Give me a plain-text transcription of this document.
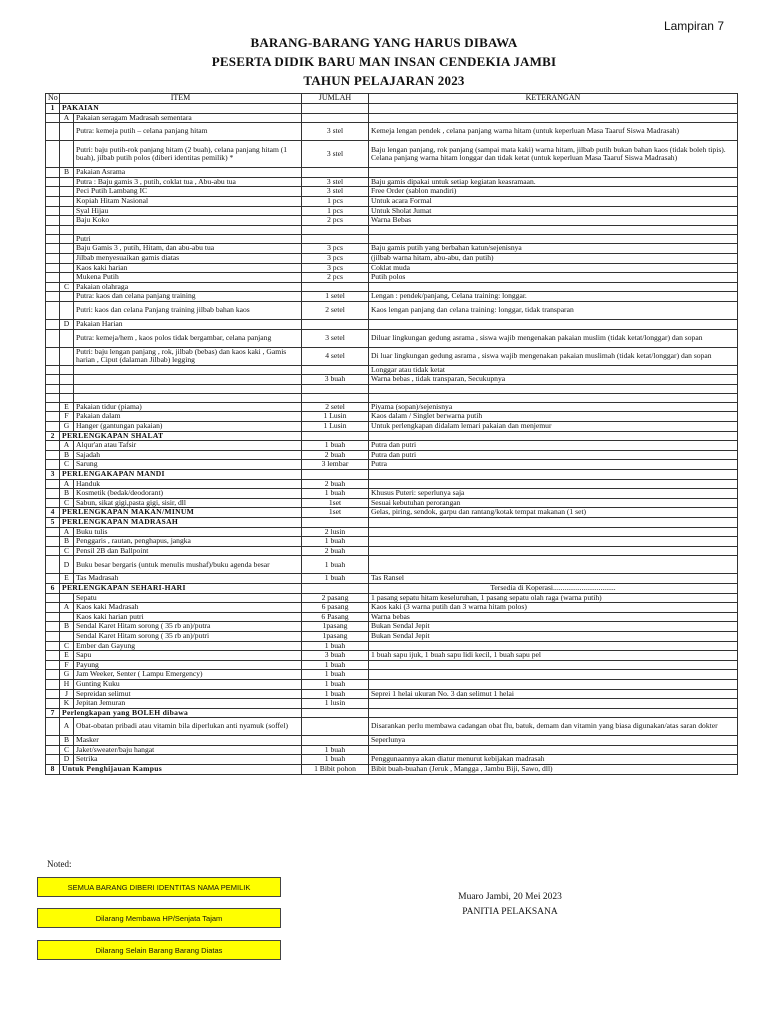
Lampiran 7
BARANG-BARANG YANG HARUS DIBAWA
PESERTA DIDIK BARU MAN INSAN CENDEKIA JAMBI
TAHUN PELAJARAN 2023
No	ITEM		JUMLAH	KETERANGAN
1	PAKAIAN			
	A	Pakaian seragam Madrasah sementara		
		Putra: kemeja putih – celana panjang hitam	3 stel	Kemeja lengan pendek , celana panjang warna hitam (untuk keperluan Masa Taaruf Siswa Madrasah)
		Putri: baju putih-rok panjang hitam (2 buah), celana panjang hitam (1 buah), jilbab putih polos (diberi identitas pemilik) *	3 stel	Baju lengan panjang, rok panjang (sampai mata kaki) warna hitam, jilbab putih bukan bahan kaos (tidak boleh tipis). Celana panjang warna hitam longgar dan tidak ketat (untuk keperluan Masa Taaruf Siswa Madrasah)
	B	Pakaian Asrama		
		Putra : Baju gamis 3 , putih, coklat tua , Abu-abu tua	3 stel	Baju gamis dipakai untuk setiap kegiatan keasramaan.
		Peci Putih Lambang IC	3 stel	Free Order (sablon mandiri)
		Kopiah Hitam Nasional	1 pcs	Untuk acara Formal
		Syal Hijau	1 pcs	Untuk Sholat Jumat
		Baju Koko	2 pcs	Warna Bebas

		Putri		
		Baju Gamis 3 , putih, Hitam, dan abu-abu tua	3 pcs	Baju gamis putih yang berbahan katun/sejenisnya
		Jilbab menyesuaikan gamis diatas	3 pcs	(jilbab warna hitam, abu-abu, dan putih)
		Kaos kaki harian	3 pcs	Coklat muda
		Mukena Putih	2 pcs	Putih polos
	C	Pakaian olahraga		
		Putra: kaos dan celana panjang training	1 setel	Lengan : pendek/panjang, Celana training: longgar.
		Putri: kaos dan celana Panjang training jilbab bahan kaos	2 setel	Kaos lengan panjang dan celana training: longgar, tidak transparan
	D	Pakaian Harian		
		Putra: kemeja/hem , kaos polos tidak bergambar, celana panjang	3 setel	Diluar lingkungan gedung asrama , siswa wajib mengenakan pakaian muslim (tidak ketat/longgar) dan sopan
		Putri: baju lengan panjang , rok, jilbab (bebas) dan kaos kaki , Gamis harian , Ciput (dalaman Jilbab) legging	4 setel	Di luar lingkungan gedung asrama , siswa wajib mengenakan pakaian muslimah (tidak ketat/longgar) dan sopan
				Longgar atau tidak ketat
			3 buah	Warna bebas , tidak transparan, Secukupnya

	E	Pakaian tidur (piama)	2 setel	Piyama (sopan)/sejenisnya
	F	Pakaian dalam	1 Lusin	Kaos dalam / Singlet berwarna putih
	G	Hanger (gantungan pakaian)	1 Lusin	Untuk perlengkapan didalam lemari pakaian dan menjemur
2	PERLENGKAPAN SHALAT			
	A	Alqur'an atau Tafsir	1 buah	Putra dan putri
	B	Sajadah	2 buah	Putra dan putri
	C	Sarung	3 lembar	Putra
3	PERLENGAKAPAN MANDI			
	A	Handuk	2 buah	
	B	Kosmetik (bedak/deodorant)	1 buah	Khusus Puteri: seperlunya saja
	C	Sabun, sikat gigi,pasta gigi, sisir, dll	1set	Sesuai kebutuhan perorangan
4	PERLENGKAPAN MAKAN/MINUM		1set	Gelas, piring, sendok, garpu dan rantang/kotak tempat makanan (1 set)
5	PERLENGKAPAN MADRASAH			
	A	Buku tulis	2 lusin	
	B	Penggaris , rautan, penghapus, jangka	1 buah	
	C	Pensil 2B dan Ballpoint	2 buah	
	D	Buku besar bergaris (untuk menulis mushaf)/buku agenda besar	1 buah	
	E	Tas Madrasah	1 buah	Tas Ransel
6	PERLENGKAPAN SEHARI-HARI			Tersedia di Koperasi.................................
		Sepatu	2 pasang	1 pasang sepatu hitam keseluruhan, 1 pasang sepatu olah raga (warna putih)
	A	Kaos kaki Madrasah	6 pasang	Kaos kaki (3 warna putih dan 3 warna hitam polos)
		Kaos kaki harian putri	6 Pasang	Warna bebas
	B	Sendal Karet Hitam sorong ( 35 rb an)/putra	1pasang	Bukan Sendal Jepit
		Sendal Karet Hitam sorong ( 35 rb an)/putri	1pasang	Bukan Sendal Jepit
	C	Ember dan Gayung	1 buah	
	E	Sapu	3 buah	1 buah sapu ijuk, 1 buah sapu lidi kecil, 1 buah sapu pel
	F	Payung	1 buah	
	G	Jam Weeker, Senter ( Lampu Emergency)	1 buah	
	H	Gunting Kuku	1 buah	
	J	Sepreidan selimut	1 buah	Seprei 1 helai ukuran No. 3 dan selimut 1 helai
	K	Jepitan Jemuran	1 lusin	
7	Perlengkapan yang BOLEH dibawa			
	A	Obat-obatan pribadi atau vitamin bila diperlukan anti nyamuk (soffel)		Disarankan perlu membawa cadangan obat flu, batuk, demam dan vitamin yang biasa digunakan/atas saran dokter
	B	Masker		Seperlunya
	C	Jaket/sweater/baju hangat	1 buah	
	D	Setrika	1 buah	Penggunaannya akan diatur menurut kebijakan madrasah
8	Untuk Penghijauan Kampus		1 Bibit pohon	Bibit buah-buahan (Jeruk , Mangga , Jambu Biji, Sawo, dll)
Noted:
SEMUA BARANG DIBERI IDENTITAS NAMA PEMILIK
Dilarang Membawa HP/Senjata Tajam
Dilarang Selain Barang Barang Diatas
Muaro Jambi, 20 Mei 2023
PANITIA PELAKSANA
